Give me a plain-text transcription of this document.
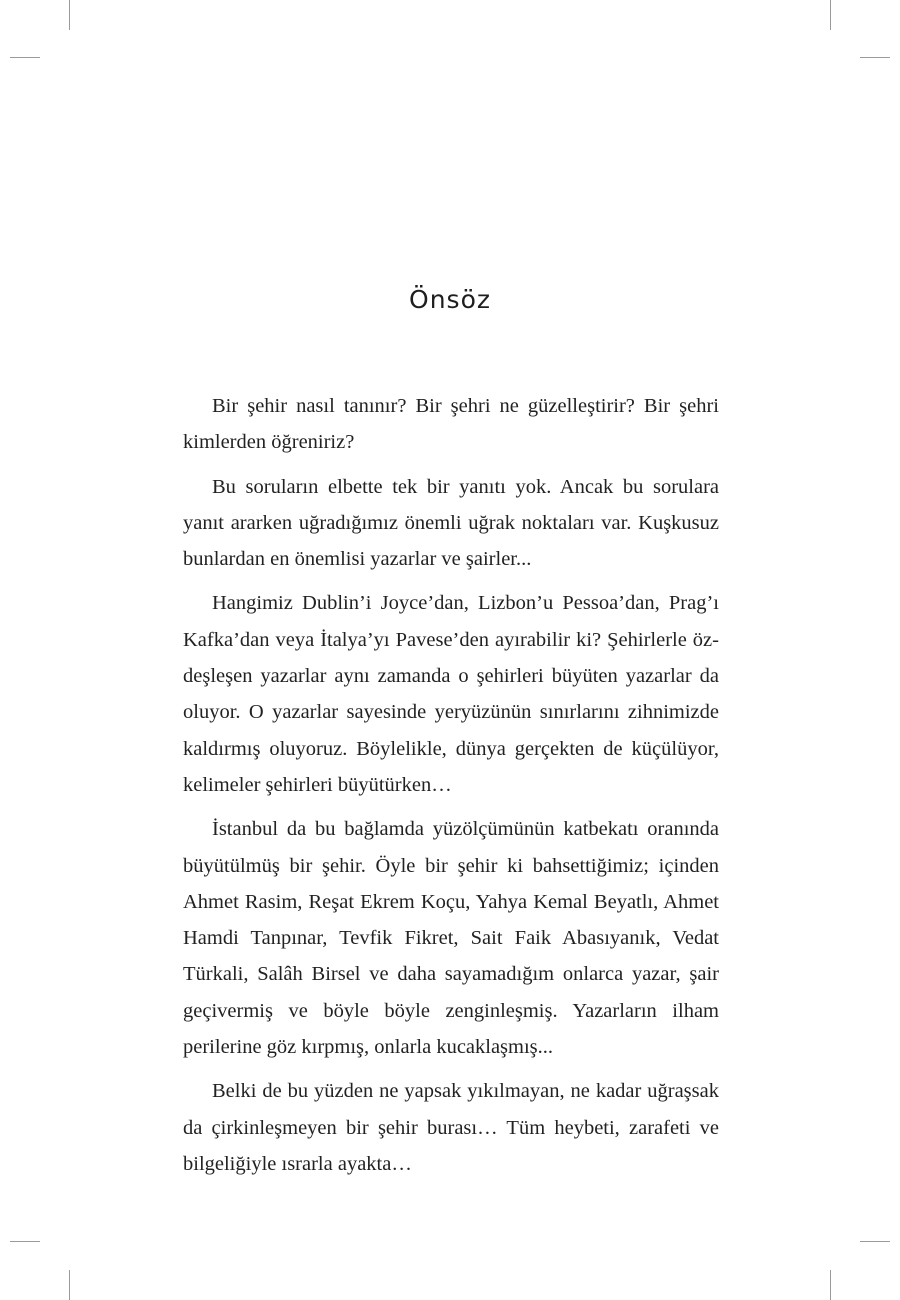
Önsöz

Bir şehir nasıl tanınır? Bir şehri ne güzelleştirir? Bir şehri kimlerden öğreniriz?

Bu soruların elbette tek bir yanıtı yok. Ancak bu sorulara yanıt ararken uğradığımız önemli uğrak noktaları var. Kuşkusuz bunlardan en önemlisi yazarlar ve şairler...

Hangimiz Dublin’i Joyce’dan, Lizbon’u Pessoa’dan, Prag’ı Kafka’dan veya İtalya’yı Pavese’den ayırabilir ki? Şehirlerle özdeşleşen yazarlar aynı zamanda o şehirleri büyüten yazarlar da oluyor. O yazarlar sayesinde yeryüzünün sınırlarını zihnimizde kaldırmış oluyoruz. Böylelikle, dünya gerçekten de küçülüyor, kelimeler şehirleri büyütürken…

İstanbul da bu bağlamda yüzölçümünün katbekatı oranında büyütülmüş bir şehir. Öyle bir şehir ki bahsettiğimiz; içinden Ahmet Rasim, Reşat Ekrem Koçu, Yahya Kemal Beyatlı, Ahmet Hamdi Tanpınar, Tevfik Fikret, Sait Faik Abasıyanık, Vedat Türkali, Salâh Birsel ve daha sayamadığım onlarca yazar, şair geçivermiş ve böyle böyle zenginleşmiş. Yazarların ilham perilerine göz kırpmış, onlarla kucaklaşmış...

Belki de bu yüzden ne yapsak yıkılmayan, ne kadar uğraşsak da çirkinleşmeyen bir şehir burası… Tüm heybeti, zarafeti ve bilgeliğiyle ısrarla ayakta…
